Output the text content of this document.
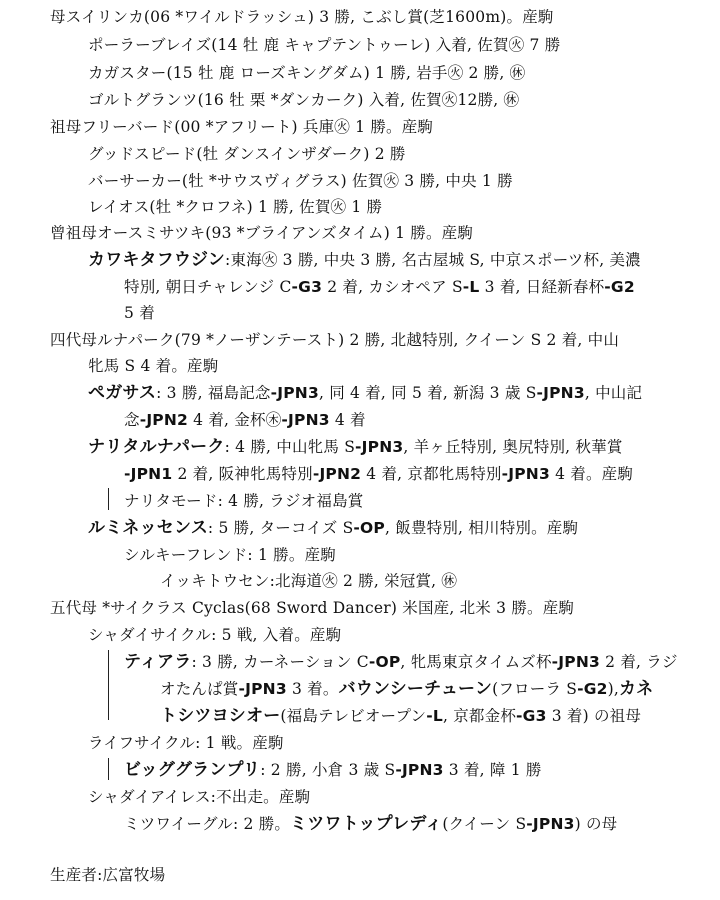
母スイリンカ(06 *ワイルドラッシュ) 3 勝, こぶし賞(芝1600m)。産駒
ポーラーブレイズ(14 牡 鹿 キャプテントゥーレ) 入着, 佐賀㊋ 7 勝
カガスター(15 牡 鹿 ローズキングダム) 1 勝, 岩手㊋ 2 勝, ㊡
ゴルトグランツ(16 牡 栗 *ダンカーク) 入着, 佐賀㊋12勝, ㊡
祖母フリーバード(00 *アフリート) 兵庫㊋ 1 勝。産駒
グッドスピード(牡 ダンスインザダーク) 2 勝
バーサーカー(牡 *サウスヴィグラス) 佐賀㊋ 3 勝, 中央 1 勝
レイオス(牡 *クロフネ) 1 勝, 佐賀㊋ 1 勝
曾祖母オースミサツキ(93 *ブライアンズタイム) 1 勝。産駒
カワキタフウジン:東海㊋ 3 勝, 中央 3 勝, 名古屋城 S, 中京スポーツ杯, 美濃
特別, 朝日チャレンジ C-G3 2 着, カシオペア S-L 3 着, 日経新春杯-G2
5 着
四代母ルナパーク(79 *ノーザンテースト) 2 勝, 北越特別, クイーン S 2 着, 中山
牝馬 S 4 着。産駒
ペガサス: 3 勝, 福島記念-JPN3, 同 4 着, 同 5 着, 新潟 3 歳 S-JPN3, 中山記
念-JPN2 4 着, 金杯㊍-JPN3 4 着
ナリタルナパーク: 4 勝, 中山牝馬 S-JPN3, 羊ヶ丘特別, 奥尻特別, 秋華賞
-JPN1 2 着, 阪神牝馬特別-JPN2 4 着, 京都牝馬特別-JPN3 4 着。産駒
ナリタモード: 4 勝, ラジオ福島賞
ルミネッセンス: 5 勝, ターコイズ S-OP, 飯豊特別, 相川特別。産駒
シルキーフレンド: 1 勝。産駒
イッキトウセン:北海道㊋ 2 勝, 栄冠賞, ㊡
五代母 *サイクラス Cyclas(68 Sword Dancer) 米国産, 北米 3 勝。産駒
シャダイサイクル: 5 戦, 入着。産駒
ティアラ: 3 勝, カーネーション C-OP, 牝馬東京タイムズ杯-JPN3 2 着, ラジ
オたんぱ賞-JPN3 3 着。バウンシーチューン(フローラ S-G2),カネ
トシツヨシオー(福島テレビオープン-L, 京都金杯-G3 3 着) の祖母
ライフサイクル: 1 戦。産駒
ビッググランプリ: 2 勝, 小倉 3 歳 S-JPN3 3 着, 障 1 勝
シャダイアイレス:不出走。産駒
ミツワイーグル: 2 勝。ミツワトップレディ(クイーン S-JPN3) の母
生産者:広富牧場
